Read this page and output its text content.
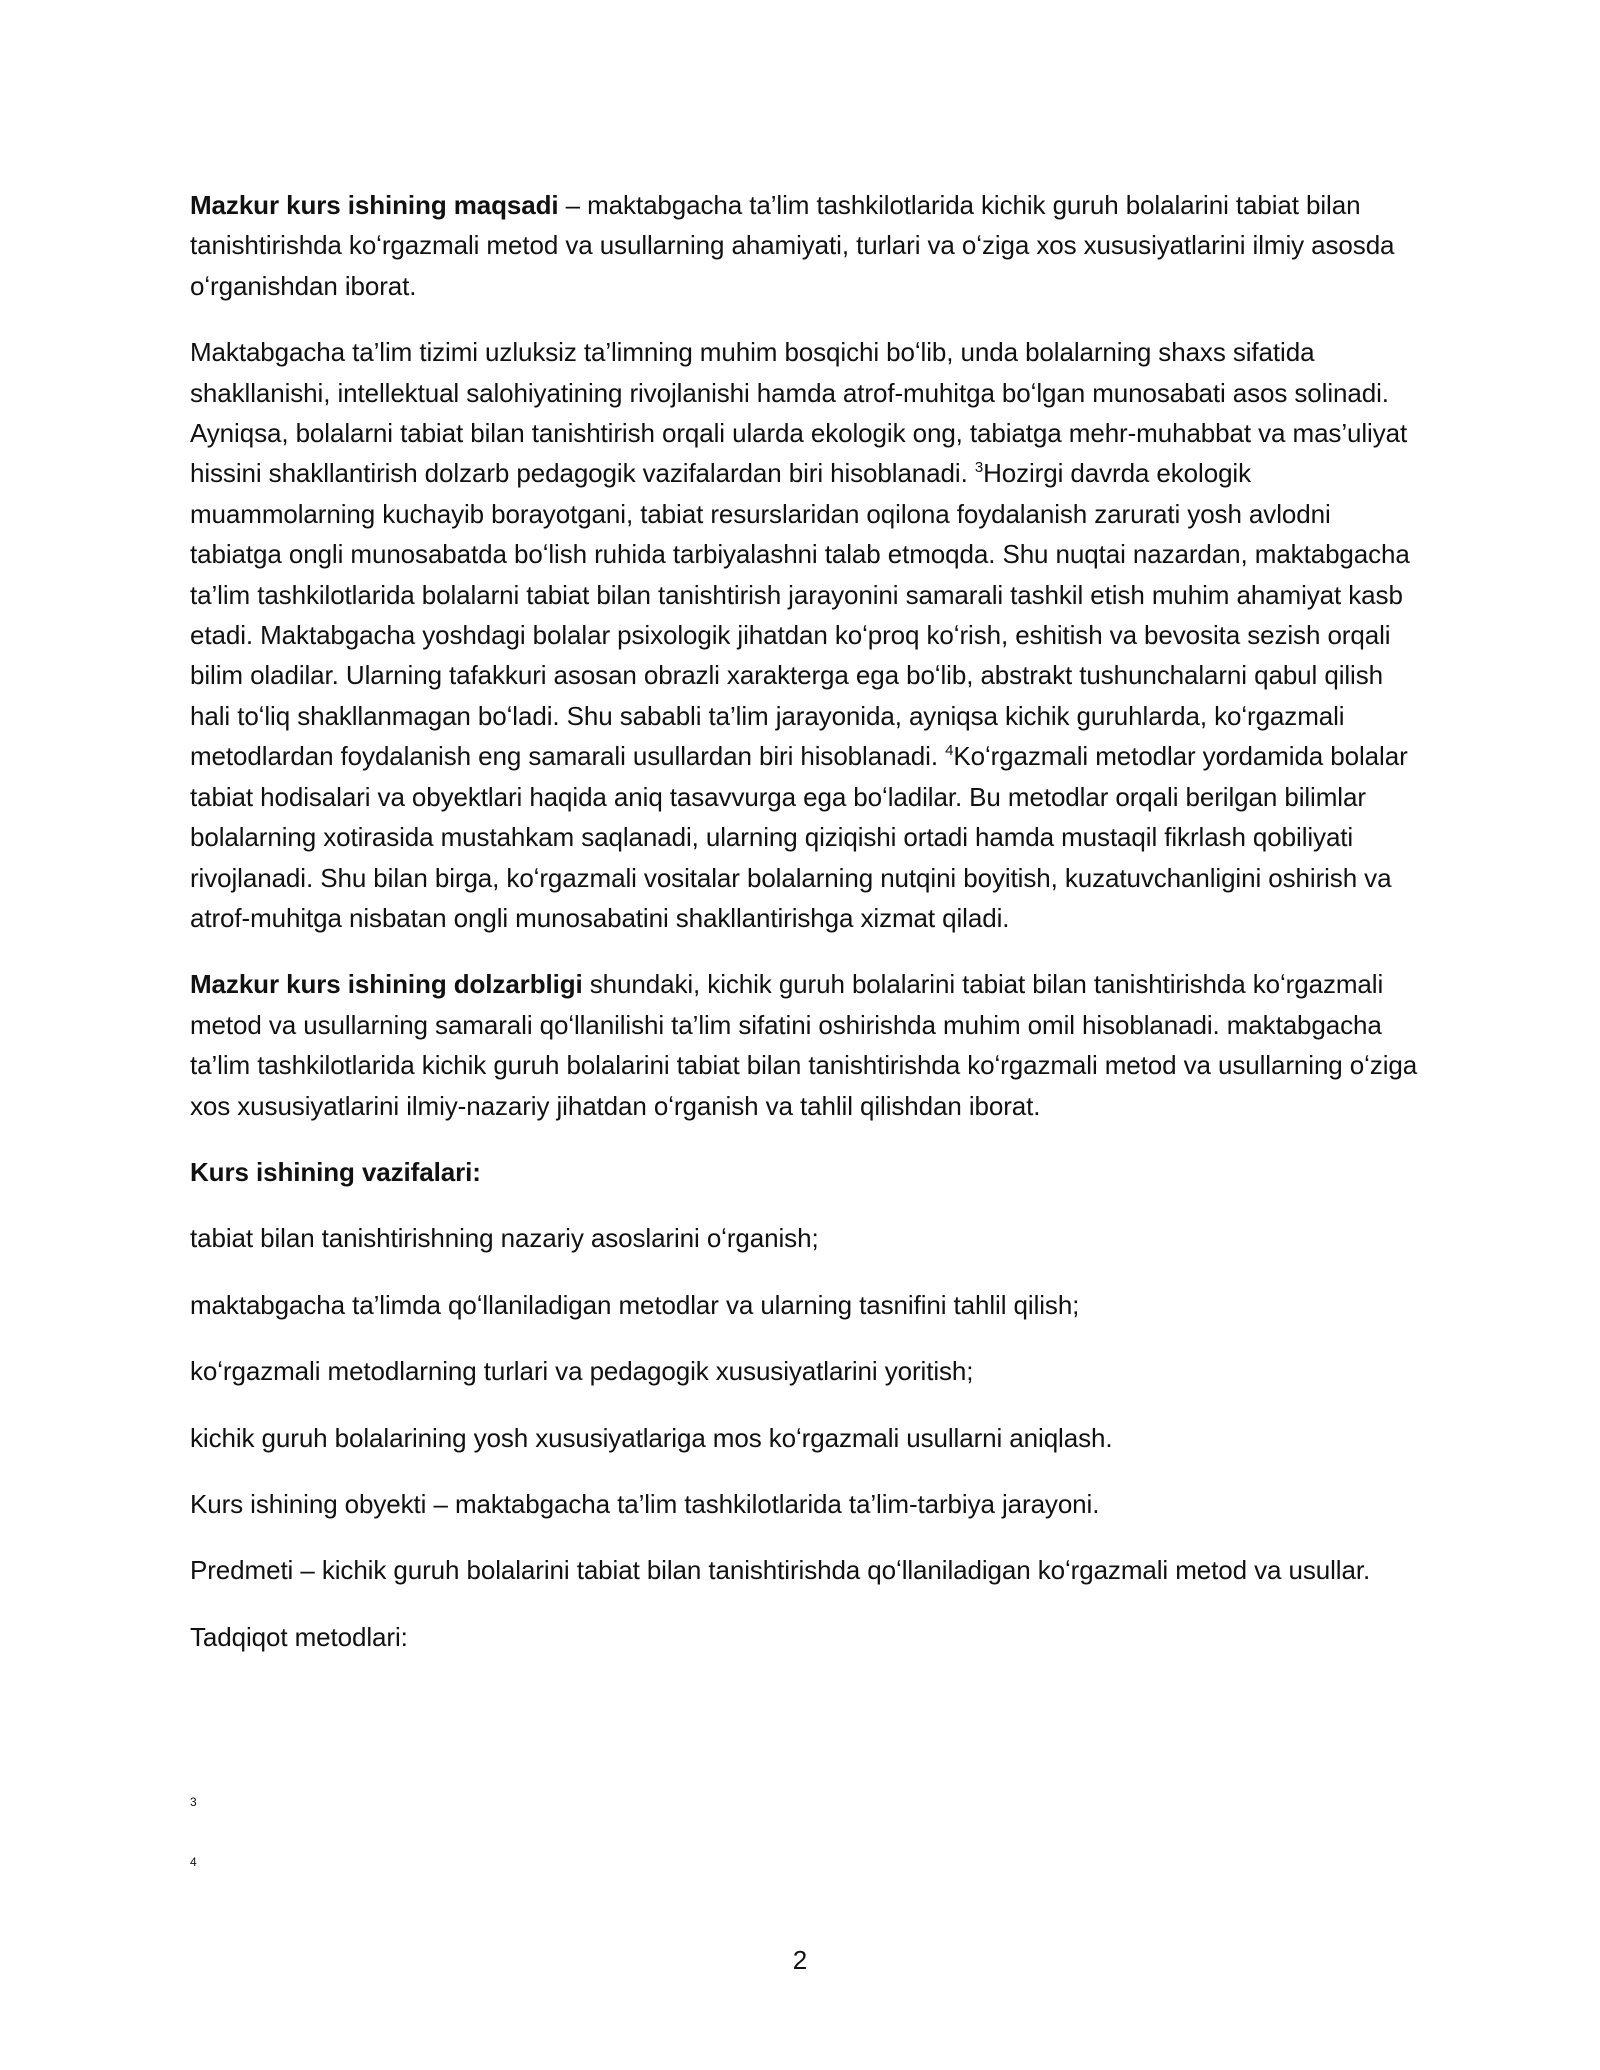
Mazkur kurs ishining maqsadi – maktabgacha ta’lim tashkilotlarida kichik guruh bolalarini tabiat bilan tanishtirishda koʻrgazmali metod va usullarning ahamiyati, turlari va oʻziga xos xususiyatlarini ilmiy asosda oʻrganishdan iborat.

Maktabgacha ta’lim tizimi uzluksiz ta’limning muhim bosqichi boʻlib, unda bolalarning shaxs sifatida shakllanishi, intellektual salohiyatining rivojlanishi hamda atrof-muhitga boʻlgan munosabati asos solinadi. Ayniqsa, bolalarni tabiat bilan tanishtirish orqali ularda ekologik ong, tabiatga mehr-muhabbat va mas’uliyat hissini shakllantirish dolzarb pedagogik vazifalardan biri hisoblanadi. $^3$Hozirgi davrda ekologik muammolarning kuchayib borayotgani, tabiat resurslaridan oqilona foydalanish zarurati yosh avlodni tabiatga ongli munosabatda boʻlish ruhida tarbiyalashni talab etmoqda. Shu nuqtai nazardan, maktabgacha ta’lim tashkilotlarida bolalarni tabiat bilan tanishtirish jarayonini samarali tashkil etish muhim ahamiyat kasb etadi. Maktabgacha yoshdagi bolalar psixologik jihatdan koʻproq koʻrish, eshitish va bevosita sezish orqali bilim oladilar. Ularning tafakkuri asosan obrazli xarakterga ega boʻlib, abstrakt tushunchalarni qabul qilish hali toʻliq shakllanmagan boʻladi. Shu sababli ta’lim jarayonida, ayniqsa kichik guruhlarda, koʻrgazmali metodlardan foydalanish eng samarali usullardan biri hisoblanadi. $^4$Koʻrgazmali metodlar yordamida bolalar tabiat hodisalari va obyektlari haqida aniq tasavvurga ega boʻladilar. Bu metodlar orqali berilgan bilimlar bolalarning xotirasida mustahkam saqlanadi, ularning qiziqishi ortadi hamda mustaqil fikrlash qobiliyati rivojlanadi. Shu bilan birga, koʻrgazmali vositalar bolalarning nutqini boyitish, kuzatuvchanligini oshirish va atrof-muhitga nisbatan ongli munosabatini shakllantirishga xizmat qiladi.

Mazkur kurs ishining dolzarbligi shundaki, kichik guruh bolalarini tabiat bilan tanishtirishda koʻrgazmali metod va usullarning samarali qoʻllanilishi ta’lim sifatini oshirishda muhim omil hisoblanadi. maktabgacha ta’lim tashkilotlarida kichik guruh bolalarini tabiat bilan tanishtirishda koʻrgazmali metod va usullarning oʻziga xos xususiyatlarini ilmiy-nazariy jihatdan oʻrganish va tahlil qilishdan iborat.

Kurs ishining vazifalari:

tabiat bilan tanishtirishning nazariy asoslarini oʻrganish;

maktabgacha ta’limda qoʻllaniladigan metodlar va ularning tasnifini tahlil qilish;

koʻrgazmali metodlarning turlari va pedagogik xususiyatlarini yoritish;

kichik guruh bolalarining yosh xususiyatlariga mos koʻrgazmali usullarni aniqlash.

Kurs ishining obyekti – maktabgacha ta’lim tashkilotlarida ta’lim-tarbiya jarayoni.

Predmeti – kichik guruh bolalarini tabiat bilan tanishtirishda qoʻllaniladigan koʻrgazmali metod va usullar.

Tadqiqot metodlari:

3
4
2
